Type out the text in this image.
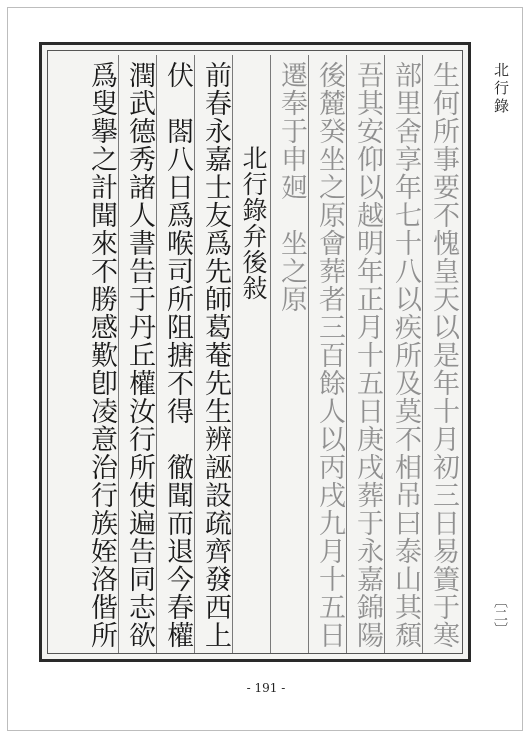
北行錄
〔二〕
生何所事要不愧皇天以是年十月初三日易簀于寒
部里舍享年七十八以疾所及莫不相吊曰泰山其頹
吾其安仰以越明年正月十五日庚戌葬于永嘉錦陽
後麓癸坐之原會葬者三百餘人以丙戌九月十五日
遷奉于申㢠　坐之原
北行錄弁後敍
前春永嘉士友爲先師葛菴先生辨誣設疏齊發西上
伏　閤八日爲喉司所阻搪不得　徹聞而退今春權
潤武德秀諸人書告于丹丘權汝行所使遍告同志欲
爲叟擧之計聞來不勝感歎卽凌意治行族姪洛偕所
- 191 -
